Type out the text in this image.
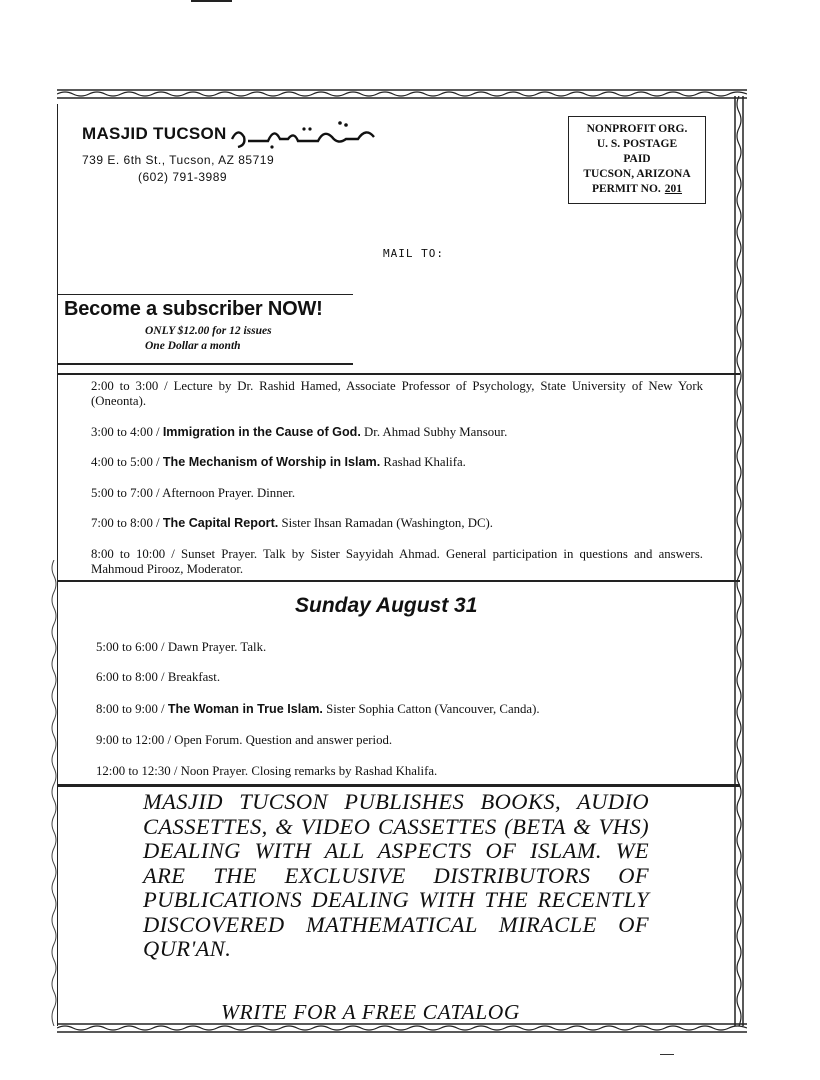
MASJID TUCSON
739 E. 6th St., Tucson, AZ 85719
(602) 791-3989
NONPROFIT ORG.
U. S. POSTAGE
PAID
TUCSON, ARIZONA
PERMIT NO. 201
MAIL TO:
Become a subscriber NOW!
ONLY $12.00 for 12 issues
One Dollar a month
2:00 to 3:00 / Lecture by Dr. Rashid Hamed, Associate Professor of Psychology, State University of New York (Oneonta).
3:00 to 4:00 / Immigration in the Cause of God. Dr. Ahmad Subhy Mansour.
4:00 to 5:00 / The Mechanism of Worship in Islam. Rashad Khalifa.
5:00 to 7:00 / Afternoon Prayer. Dinner.
7:00 to 8:00 / The Capital Report. Sister Ihsan Ramadan (Washington, DC).
8:00 to 10:00 / Sunset Prayer. Talk by Sister Sayyidah Ahmad. General participation in questions and answers. Mahmoud Pirooz, Moderator.
Sunday August 31
5:00 to 6:00 / Dawn Prayer. Talk.
6:00 to 8:00 / Breakfast.
8:00 to 9:00 / The Woman in True Islam. Sister Sophia Catton (Vancouver, Canda).
9:00 to 12:00 / Open Forum. Question and answer period.
12:00 to 12:30 / Noon Prayer. Closing remarks by Rashad Khalifa.
MASJID TUCSON PUBLISHES BOOKS, AUDIO CASSETTES, & VIDEO CASSETTES (BETA & VHS) DEALING WITH ALL ASPECTS OF ISLAM. WE ARE THE EXCLUSIVE DISTRIBUTORS OF PUBLICATIONS DEALING WITH THE RECENTLY DISCOVERED MATHEMATICAL MIRACLE OF QUR'AN.
WRITE FOR A FREE CATALOG
